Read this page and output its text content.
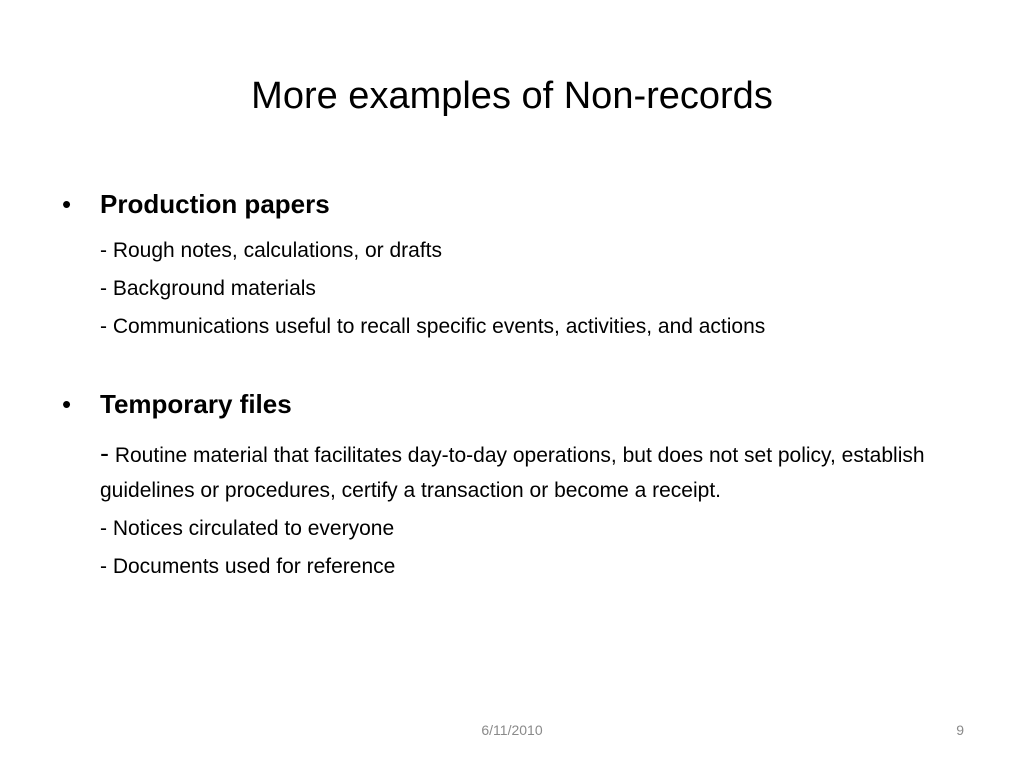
More examples of Non-records
• Production papers
- Rough notes, calculations, or drafts
- Background materials
- Communications useful to recall specific events, activities, and actions
• Temporary files
- Routine material that facilitates day-to-day operations, but does not set policy, establish guidelines or procedures, certify a transaction or become a receipt.
- Notices circulated to everyone
- Documents used for reference
6/11/2010	9
